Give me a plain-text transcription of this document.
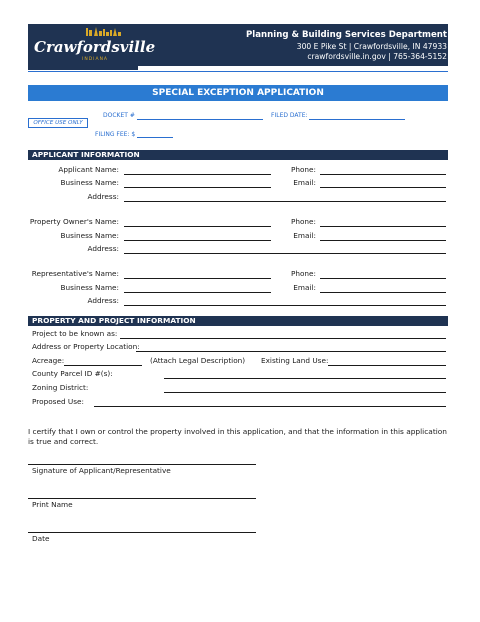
Crawfordsville
INDIANA
Planning & Building Services Department
300 E Pike St | Crawfordsville, IN 47933
crawfordsville.in.gov | 765-364-5152
SPECIAL EXCEPTION APPLICATION
OFFICE USE ONLY
DOCKET #	FILED DATE:
FILING FEE: $
APPLICANT INFORMATION
Applicant Name:
Business Name:
Address:
Phone:
Email:
Property Owner's Name:
Business Name:
Address:
Phone:
Email:
Representative's Name:
Business Name:
Address:
Phone:
Email:
PROPERTY AND PROJECT INFORMATION
Project to be known as:
Address or Property Location:
Acreage:	(Attach Legal Description) Existing Land Use:
County Parcel ID #(s):
Zoning District:
Proposed Use:
I certify that I own or control the property involved in this application, and that the information in this application is true and correct.
Signature of Applicant/Representative
Print Name
Date
